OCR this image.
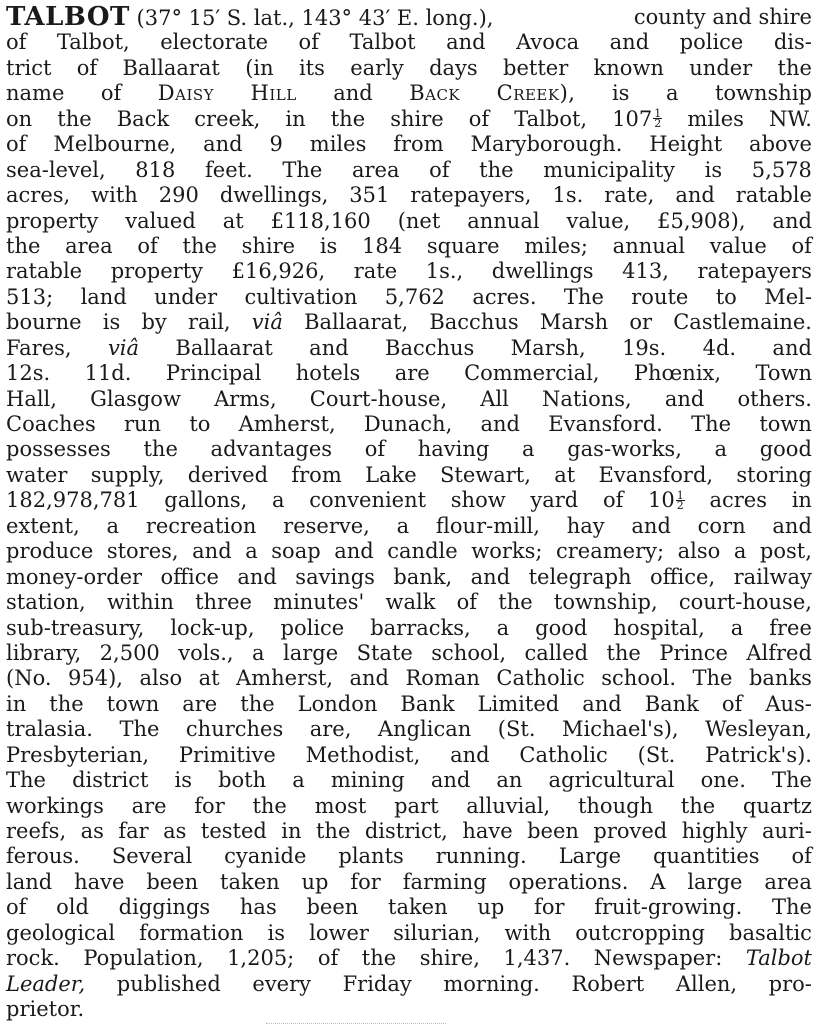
TALBOT (37° 15′ S. lat., 143° 43′ E. long.),	county and shire
of Talbot, electorate of Talbot and Avoca and police dis-
trict of Ballaarat (in its early days better known under the
name of Daisy Hill and Back Creek), is a township
on the Back creek, in the shire of Talbot, $107 \frac{1}{2}$ miles NW.
of Melbourne, and 9 miles from Maryborough. Height above
sea-level, 818 feet. The area of the municipality is 5,578
acres, with 290 dwellings, 351 ratepayers, 1s. rate, and ratable
property valued at £118,160 (net annual value, £5,908), and
the area of the shire is 184 square miles; annual value of
ratable property £16,926, rate 1s., dwellings 413, ratepayers
513; land under cultivation 5,762 acres. The route to Mel-
bourne is by rail, viâ Ballaarat, Bacchus Marsh or Castlemaine.
Fares, viâ Ballaarat and Bacchus Marsh, 19s. 4d. and
12s. 11d. Principal hotels are Commercial, Phœnix, Town
Hall, Glasgow Arms, Court-house, All Nations, and others.
Coaches run to Amherst, Dunach, and Evansford. The town
possesses the advantages of having a gas-works, a good
water supply, derived from Lake Stewart, at Evansford, storing
182,978,781 gallons, a convenient show yard of $10 \frac{1}{2}$ acres in
extent, a recreation reserve, a flour-mill, hay and corn and
produce stores, and a soap and candle works; creamery; also a post,
money-order office and savings bank, and telegraph office, railway
station, within three minutes' walk of the township, court-house,
sub-treasury, lock-up, police barracks, a good hospital, a free
library, 2,500 vols., a large State school, called the Prince Alfred
(No. 954), also at Amherst, and Roman Catholic school. The banks
in the town are the London Bank Limited and Bank of Aus-
tralasia. The churches are, Anglican (St. Michael's), Wesleyan,
Presbyterian, Primitive Methodist, and Catholic (St. Patrick's).
The district is both a mining and an agricultural one. The
workings are for the most part alluvial, though the quartz
reefs, as far as tested in the district, have been proved highly auri-
ferous. Several cyanide plants running. Large quantities of
land have been taken up for farming operations. A large area
of old diggings has been taken up for fruit-growing. The
geological formation is lower silurian, with outcropping basaltic
rock. Population, 1,205; of the shire, 1,437. Newspaper: Talbot
Leader, published every Friday morning. Robert Allen, pro-
prietor.
